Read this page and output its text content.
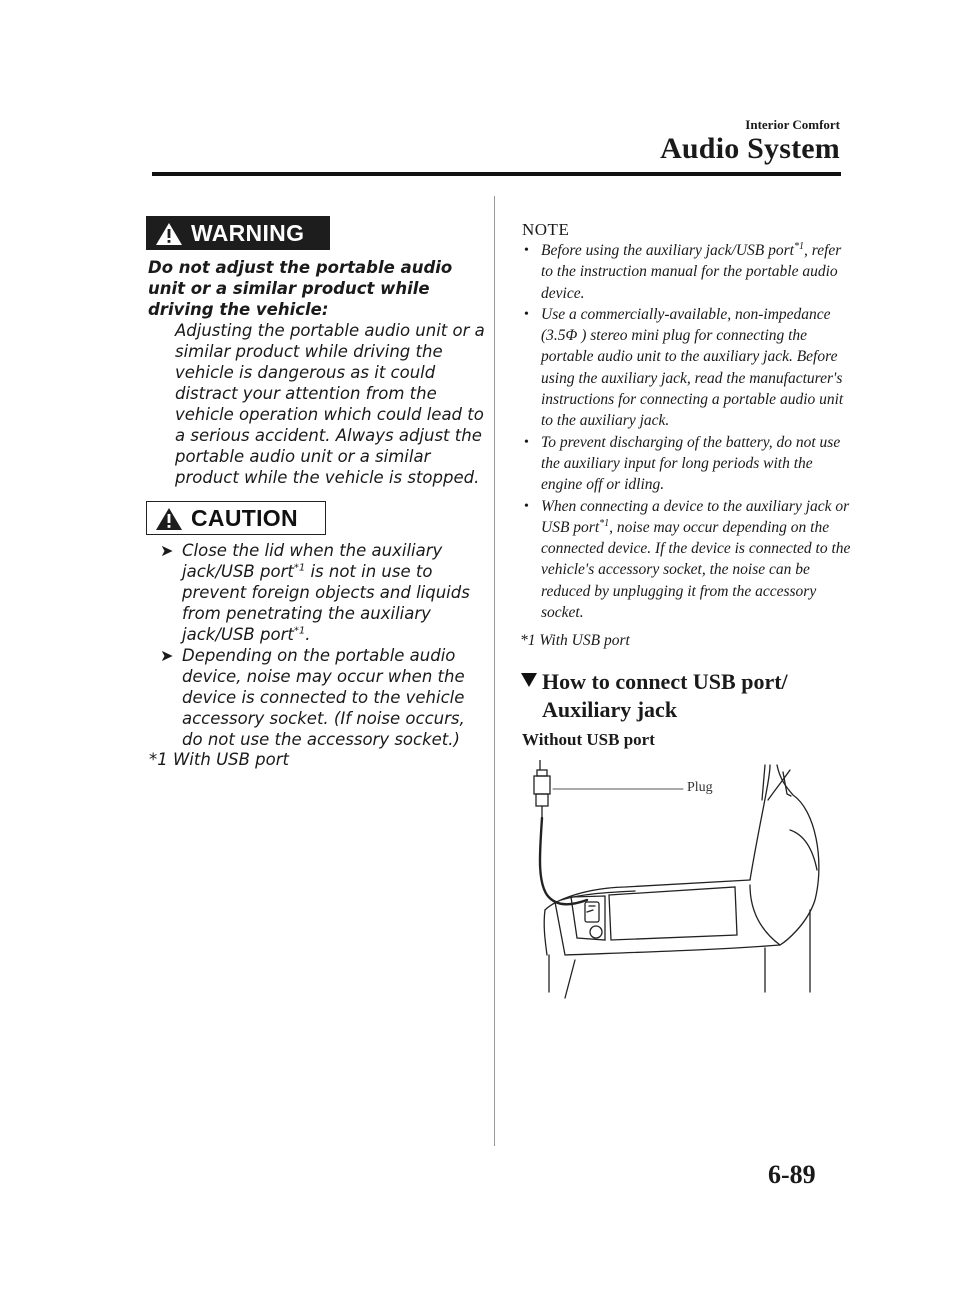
Interior Comfort
Audio System
WARNING
Do not adjust the portable audio unit or a similar product while driving the vehicle:
Adjusting the portable audio unit or a similar product while driving the vehicle is dangerous as it could distract your attention from the vehicle operation which could lead to a serious accident. Always adjust the portable audio unit or a similar product while the vehicle is stopped.
CAUTION
➤ Close the lid when the auxiliary jack/USB port$^{*1}$ is not in use to prevent foreign objects and liquids from penetrating the auxiliary jack/USB port$^{*1}$.
➤ Depending on the portable audio device, noise may occur when the device is connected to the vehicle accessory socket. (If noise occurs, do not use the accessory socket.)
*1 With USB port
NOTE
• Before using the auxiliary jack/USB port$^{*1}$, refer to the instruction manual for the portable audio device.
• Use a commercially-available, non-impedance (3.5Φ ) stereo mini plug for connecting the portable audio unit to the auxiliary jack. Before using the auxiliary jack, read the manufacturer's instructions for connecting a portable audio unit to the auxiliary jack.
• To prevent discharging of the battery, do not use the auxiliary input for long periods with the engine off or idling.
• When connecting a device to the auxiliary jack or USB port$^{*1}$, noise may occur depending on the connected device. If the device is connected to the vehicle's accessory socket, the noise can be reduced by unplugging it from the accessory socket.
*1 With USB port
How to connect USB port/ Auxiliary jack
Without USB port
Plug
6-89
